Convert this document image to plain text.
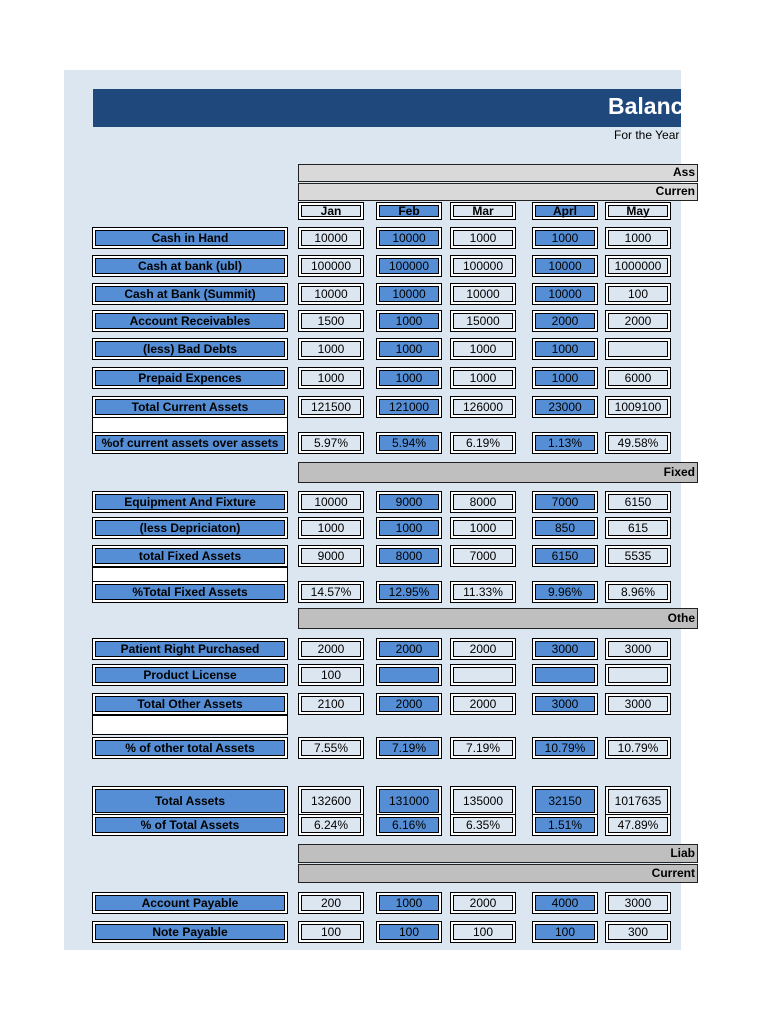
Balanc
For the Year
Ass
Curren
Jan	Feb	Mar	Aprl	May
Fixed
Othe
Liab
Current
Cash in Hand	10000	10000	1000	1000	1000
Cash at bank (ubl)	100000	100000	100000	10000	1000000
Cash at Bank (Summit)	10000	10000	10000	10000	100
Account Receivables	1500	1000	15000	2000	2000
(less) Bad Debts	1000	1000	1000	1000
Prepaid Expences	1000	1000	1000	1000	6000
Total Current Assets	121500	121000	126000	23000	1009100
%of current assets over assets	5.97%	5.94%	6.19%	1.13%	49.58%
Equipment And Fixture	10000	9000	8000	7000	6150
(less Depriciaton)	1000	1000	1000	850	615
total Fixed Assets	9000	8000	7000	6150	5535
%Total Fixed Assets	14.57%	12.95%	11.33%	9.96%	8.96%
Patient Right Purchased	2000	2000	2000	3000	3000
Product License	100
Total Other Assets	2100	2000	2000	3000	3000
% of other total Assets	7.55%	7.19%	7.19%	10.79%	10.79%
Total Assets	132600	131000	135000	32150	1017635
% of Total Assets	6.24%	6.16%	6.35%	1.51%	47.89%
Account Payable	200	1000	2000	4000	3000
Note Payable	100	100	100	100	300
